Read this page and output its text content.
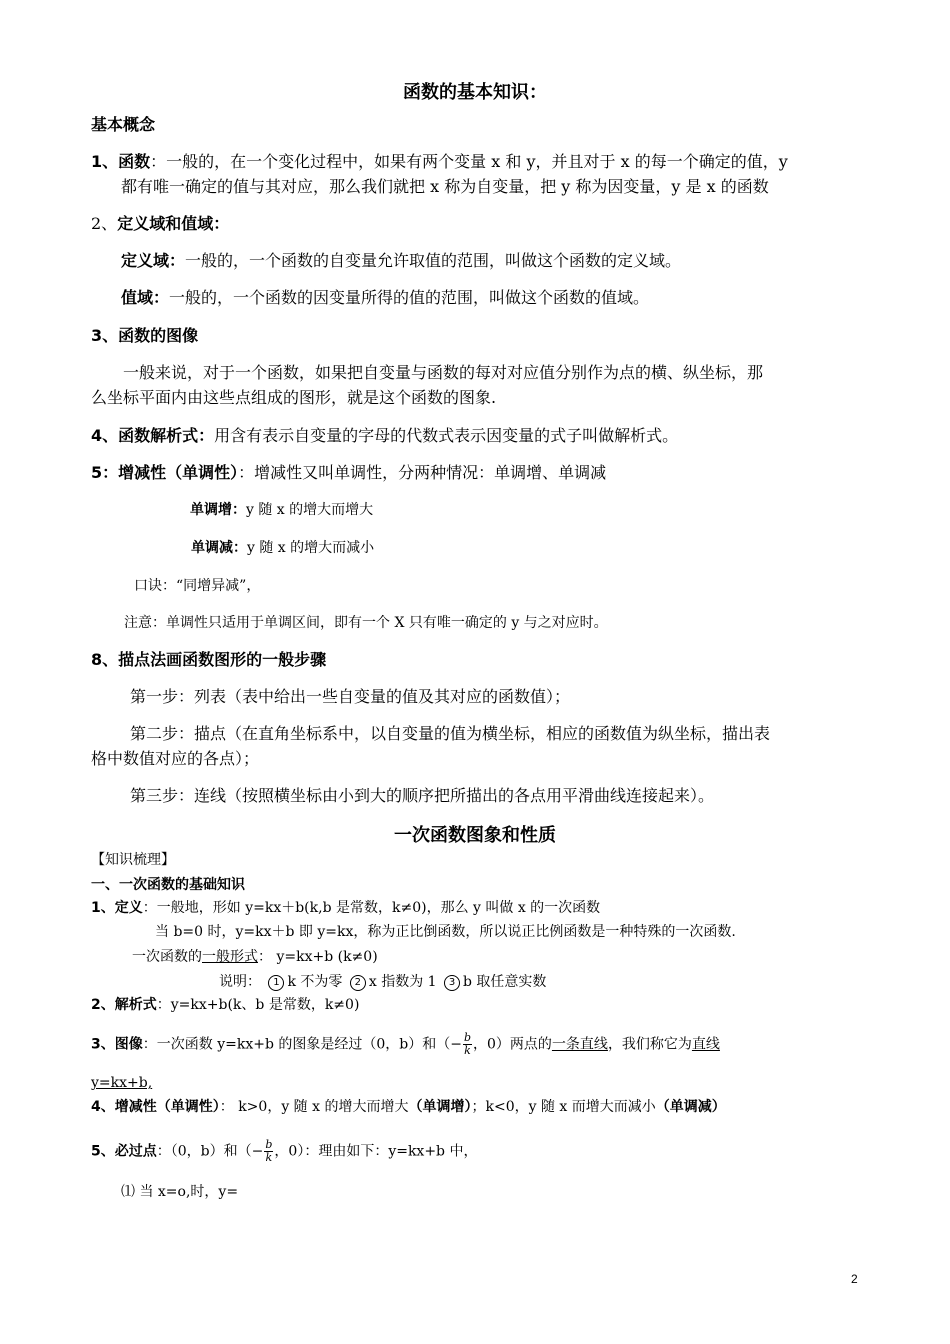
函数的基本知识：
基本概念
1、函数：一般的，在一个变化过程中，如果有两个变量 x 和 y，并且对于 x 的每一个确定的值，y
都有唯一确定的值与其对应，那么我们就把 x 称为自变量，把 y 称为因变量，y 是 x 的函数
2、定义域和值域：
定义域：一般的，一个函数的自变量允许取值的范围，叫做这个函数的定义域。
值域：一般的，一个函数的因变量所得的值的范围，叫做这个函数的值域。
3、函数的图像
一般来说，对于一个函数，如果把自变量与函数的每对对应值分别作为点的横、纵坐标，那
么坐标平面内由这些点组成的图形，就是这个函数的图象.
4、函数解析式：用含有表示自变量的字母的代数式表示因变量的式子叫做解析式。
5：增减性（单调性）：增减性又叫单调性，分两种情况：单调增、单调减
单调增：y 随 x 的增大而增大
单调减：y 随 x 的增大而减小
口诀：“同增异减”，
注意：单调性只适用于单调区间，即有一个 X 只有唯一确定的 y 与之对应时。
8、描点法画函数图形的一般步骤
第一步：列表（表中给出一些自变量的值及其对应的函数值）；
第二步：描点（在直角坐标系中，以自变量的值为横坐标，相应的函数值为纵坐标，描出表
格中数值对应的各点）；
第三步：连线（按照横坐标由小到大的顺序把所描出的各点用平滑曲线连接起来）。
一次函数图象和性质
【知识梳理】
一、一次函数的基础知识
1、定义：一般地，形如 y=kx＋b(k,b 是常数，k≠0)，那么 y 叫做 x 的一次函数
当 b=0 时，y=kx＋b 即 y=kx，称为正比倒函数，所以说正比例函数是一种特殊的一次函数.
一次函数的一般形式： y=kx+b (k≠0)
说明： 1 k 不为零 2 x 指数为 1 3 b 取任意实数
2、解析式：y=kx+b(k、b 是常数，k≠0)
3、图像：一次函数 y=kx+b 的图象是经过（0，b）和（− $\frac{b}{k}$ ，0）两点的一条直线，我们称它为直线
y=kx+b,
4、增减性（单调性）： k>0，y 随 x 的增大而增大（单调增）；k<0，y 随 x 而增大而减小（单调减）
5、必过点：（0，b）和（− $\frac{b}{k}$ ，0）：理由如下：y=kx+b 中，
⑴ 当 x=o,时，y=
2
